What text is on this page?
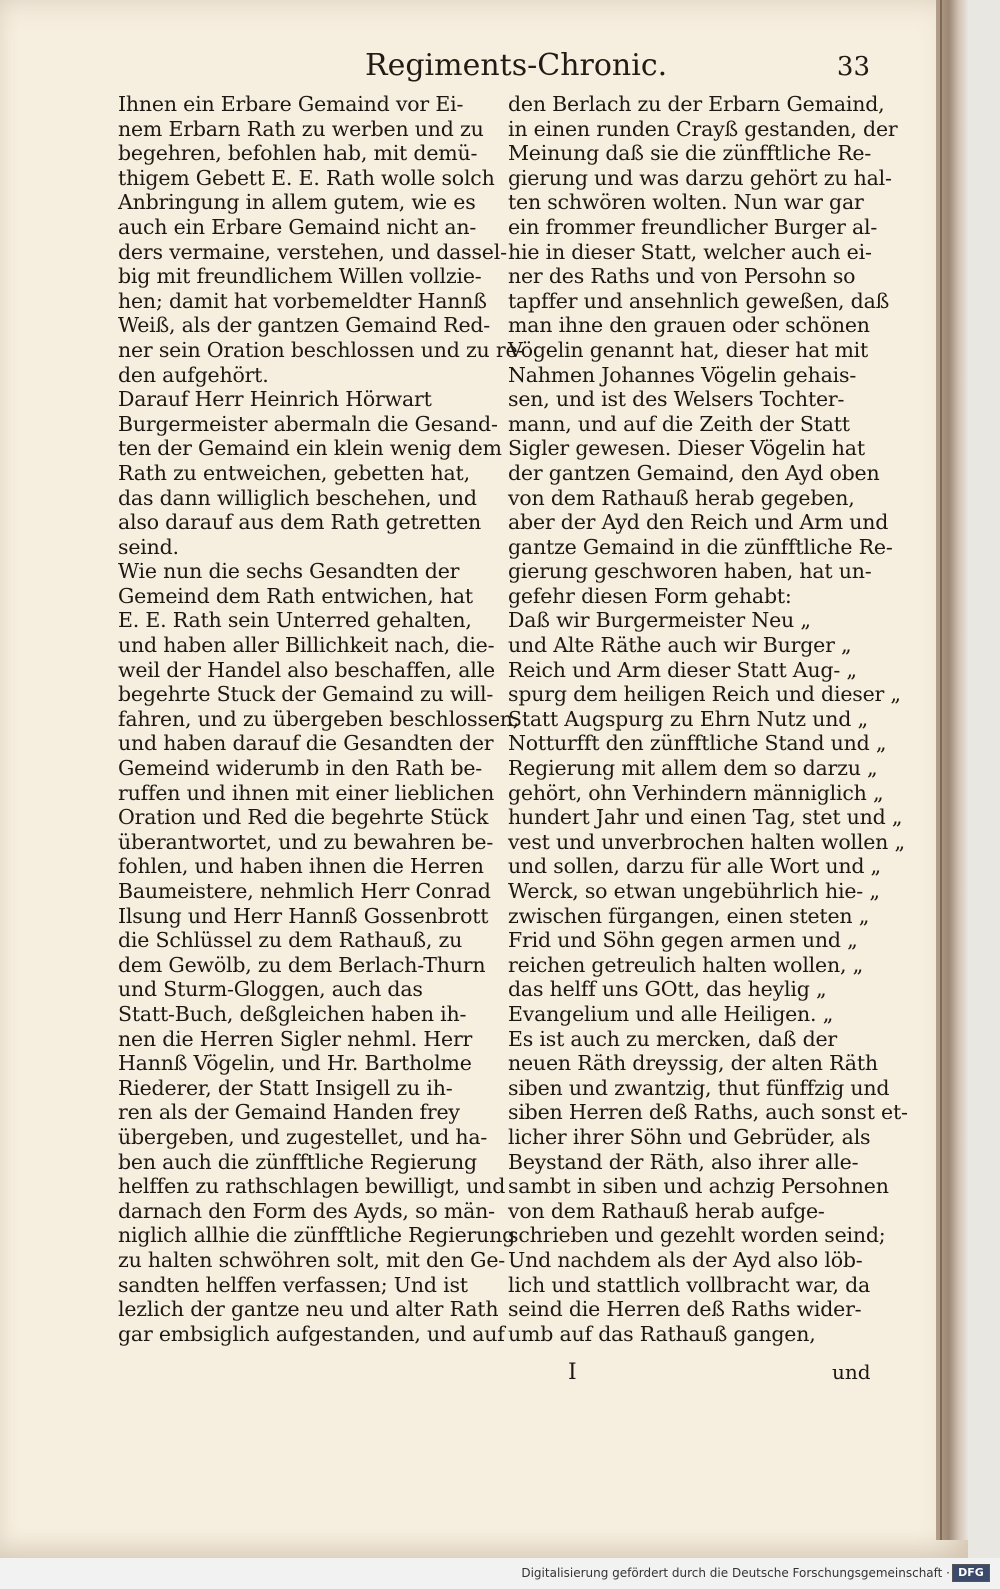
Regiments-Chronic.	33
Ihnen ein Erbare Gemaind vor Ei-
nem Erbarn Rath zu werben und zu
begehren, befohlen hab, mit demü-
thigem Gebett E. E. Rath wolle solch
Anbringung in allem gutem, wie es
auch ein Erbare Gemaind nicht an-
ders vermaine, verstehen, und dassel-
big mit freundlichem Willen vollzie-
hen; damit hat vorbemeldter Hannß
Weiß, als der gantzen Gemaind Red-
ner sein Oration beschlossen und zu re-
den aufgehört.
Darauf Herr Heinrich Hörwart
Burgermeister abermaln die Gesand-
ten der Gemaind ein klein wenig dem
Rath zu entweichen, gebetten hat,
das dann williglich beschehen, und
also darauf aus dem Rath getretten
seind.
Wie nun die sechs Gesandten der
Gemeind dem Rath entwichen, hat
E. E. Rath sein Unterred gehalten,
und haben aller Billichkeit nach, die-
weil der Handel also beschaffen, alle
begehrte Stuck der Gemaind zu will-
fahren, und zu übergeben beschlossen,
und haben darauf die Gesandten der
Gemeind widerumb in den Rath be-
ruffen und ihnen mit einer lieblichen
Oration und Red die begehrte Stück
überantwortet, und zu bewahren be-
fohlen, und haben ihnen die Herren
Baumeistere, nehmlich Herr Conrad
Ilsung und Herr Hannß Gossenbrott
die Schlüssel zu dem Rathauß, zu
dem Gewölb, zu dem Berlach-Thurn
und Sturm-Gloggen, auch das
Statt-Buch, deßgleichen haben ih-
nen die Herren Sigler nehml. Herr
Hannß Vögelin, und Hr. Bartholme
Riederer, der Statt Insigell zu ih-
ren als der Gemaind Handen frey
übergeben, und zugestellet, und ha-
ben auch die zünfftliche Regierung
helffen zu rathschlagen bewilligt, und
darnach den Form des Ayds, so män-
niglich allhie die zünfftliche Regierung
zu halten schwöhren solt, mit den Ge-
sandten helffen verfassen; Und ist
lezlich der gantze neu und alter Rath
gar embsiglich aufgestanden, und auf
den Berlach zu der Erbarn Gemaind,
in einen runden Crayß gestanden, der
Meinung daß sie die zünfftliche Re-
gierung und was darzu gehört zu hal-
ten schwören wolten. Nun war gar
ein frommer freundlicher Burger al-
hie in dieser Statt, welcher auch ei-
ner des Raths und von Persohn so
tapffer und ansehnlich geweßen, daß
man ihne den grauen oder schönen
Vögelin genannt hat, dieser hat mit
Nahmen Johannes Vögelin gehais-
sen, und ist des Welsers Tochter-
mann, und auf die Zeith der Statt
Sigler gewesen. Dieser Vögelin hat
der gantzen Gemaind, den Ayd oben
von dem Rathauß herab gegeben,
aber der Ayd den Reich und Arm und
gantze Gemaind in die zünfftliche Re-
gierung geschworen haben, hat un-
gefehr diesen Form gehabt:
Daß wir Burgermeister Neu „
und Alte Räthe auch wir Burger „
Reich und Arm dieser Statt Aug- „
spurg dem heiligen Reich und dieser „
Statt Augspurg zu Ehrn Nutz und „
Notturfft den zünfftliche Stand und „
Regierung mit allem dem so darzu „
gehört, ohn Verhindern männiglich „
hundert Jahr und einen Tag, stet und „
vest und unverbrochen halten wollen „
und sollen, darzu für alle Wort und „
Werck, so etwan ungebührlich hie- „
zwischen fürgangen, einen steten „
Frid und Söhn gegen armen und „
reichen getreulich halten wollen, „
das helff uns GOtt, das heylig „
Evangelium und alle Heiligen. „
Es ist auch zu mercken, daß der
neuen Räth dreyssig, der alten Räth
siben und zwantzig, thut fünffzig und
siben Herren deß Raths, auch sonst et-
licher ihrer Söhn und Gebrüder, als
Beystand der Räth, also ihrer alle-
sambt in siben und achzig Persohnen
von dem Rathauß herab aufge-
schrieben und gezehlt worden seind;
Und nachdem als der Ayd also löb-
lich und stattlich vollbracht war, da
seind die Herren deß Raths wider-
umb auf das Rathauß gangen,
I	und
Digitalisierung gefördert durch die Deutsche Forschungsgemeinschaft · DFG
